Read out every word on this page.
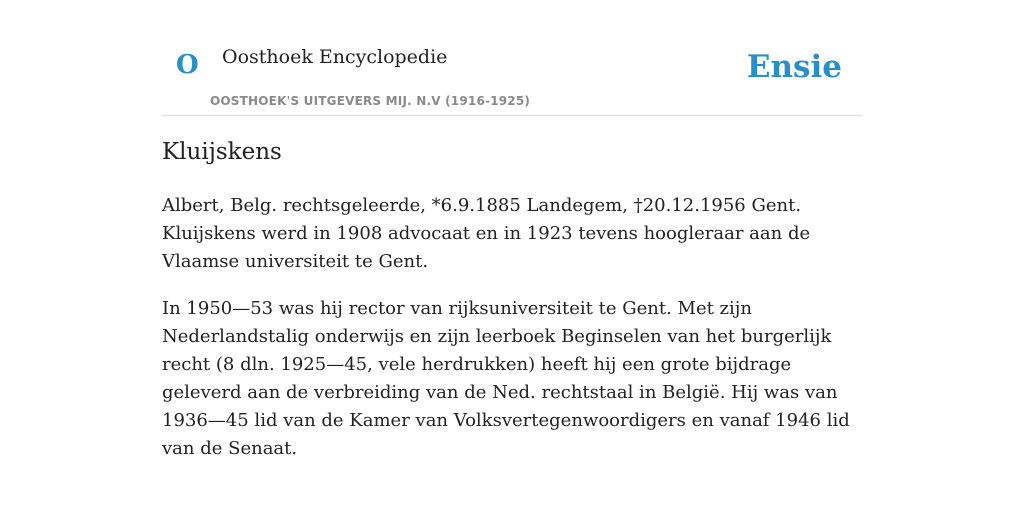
O Oosthoek Encyclopedie
OOSTHOEK'S UITGEVERS MIJ. N.V (1916-1925)
Ensie
Kluijskens

Albert, Belg. rechtsgeleerde, *6.9.1885 Landegem, †20.12.1956 Gent. Kluijskens werd in 1908 advocaat en in 1923 tevens hoogleraar aan de Vlaamse universiteit te Gent.

In 1950—53 was hij rector van rijksuniversiteit te Gent. Met zijn Nederlandstalig onderwijs en zijn leerboek Beginselen van het burgerlijk recht (8 dln. 1925—45, vele herdrukken) heeft hij een grote bijdrage geleverd aan de verbreiding van de Ned. rechtstaal in België. Hij was van 1936—45 lid van de Kamer van Volksvertegenwoordigers en vanaf 1946 lid van de Senaat.
